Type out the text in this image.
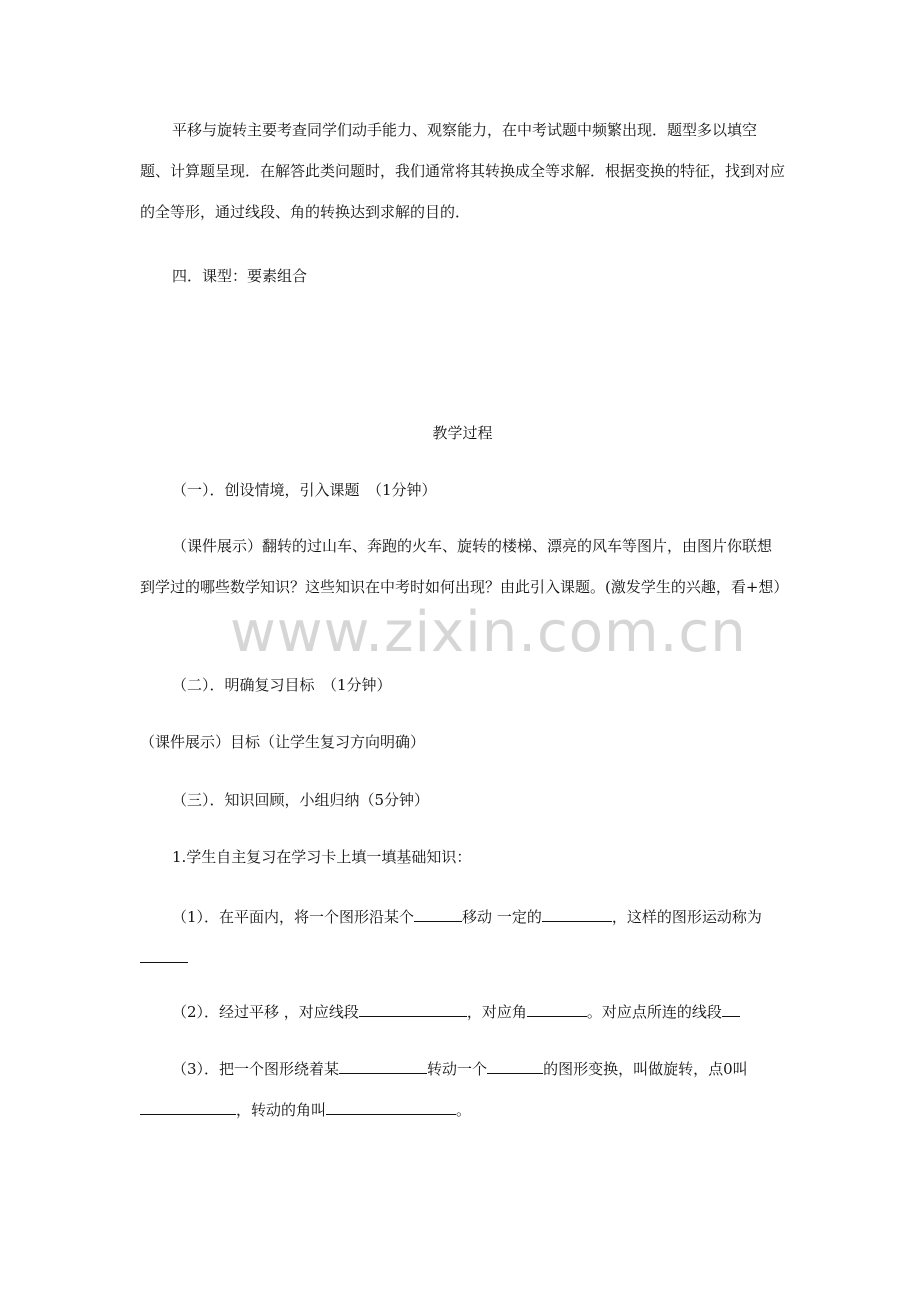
平移与旋转主要考查同学们动手能力、观察能力，在中考试题中频繁出现．题型多以填空题、计算题呈现．在解答此类问题时，我们通常将其转换成全等求解．根据变换的特征，找到对应的全等形，通过线段、角的转换达到求解的目的．

四．课型：要素组合

教学过程

（一）．创设情境，引入课题　（1分钟）

（课件展示）翻转的过山车、奔跑的火车、旋转的楼梯、漂亮的风车等图片，由图片你联想到学过的哪些数学知识？这些知识在中考时如何出现？由此引入课题。(激发学生的兴趣，看+想）

（二）．明确复习目标　（1分钟）

（课件展示）目标（让学生复习方向明确）

（三）．知识回顾，小组归纳（5分钟）

1.学生自主复习在学习卡上填一填基础知识：

（1）．在平面内，将一个图形沿某个	移动 一定的	，这样的图形运动称为

（2）．经过平移 ，对应线段	，对应角	。对应点所连的线段

（3）．把一个图形绕着某	转动一个	的图形变换，叫做旋转，点0叫，转动的角叫	。

www.zixin.com.cn
